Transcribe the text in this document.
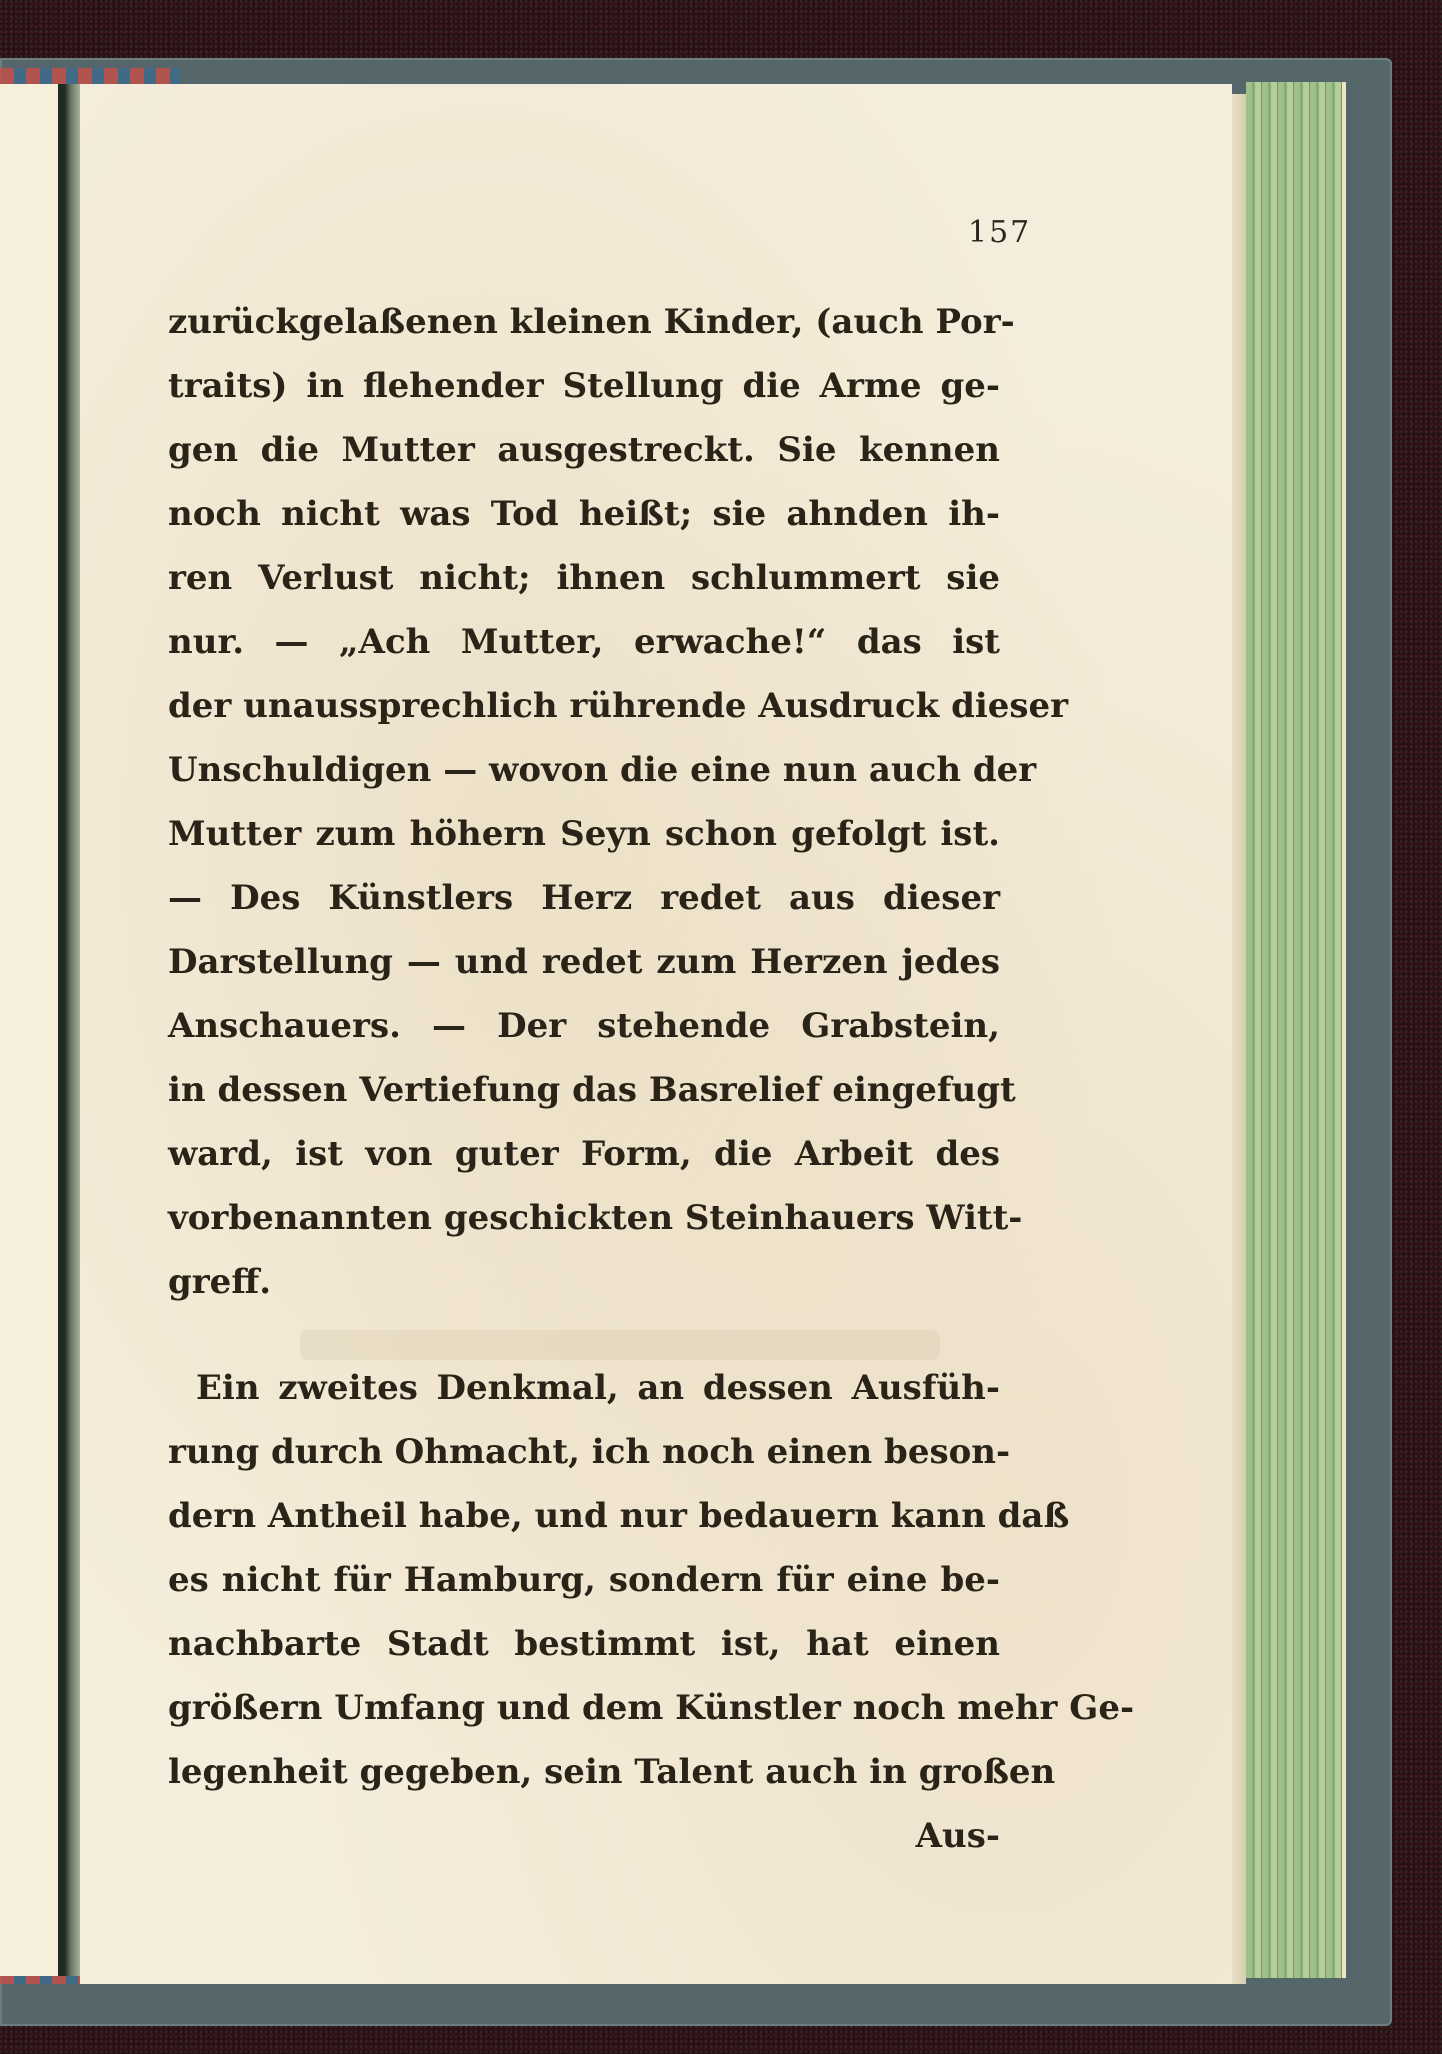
157
zurückgelaßenen kleinen Kinder, (auch Por-
traits) in flehender Stellung die Arme ge-
gen die Mutter ausgestreckt. Sie kennen
noch nicht was Tod heißt; sie ahnden ih-
ren Verlust nicht; ihnen schlummert sie
nur. — „Ach Mutter, erwache!“ das ist
der unaussprechlich rührende Ausdruck dieser
Unschuldigen — wovon die eine nun auch der
Mutter zum höhern Seyn schon gefolgt ist.
— Des Künstlers Herz redet aus dieser
Darstellung — und redet zum Herzen jedes
Anschauers. — Der stehende Grabstein,
in dessen Vertiefung das Basrelief eingefugt
ward, ist von guter Form, die Arbeit des
vorbenannten geschickten Steinhauers Witt-
greff.
Ein zweites Denkmal, an dessen Ausfüh-
rung durch Ohmacht, ich noch einen beson-
dern Antheil habe, und nur bedauern kann daß
es nicht für Hamburg, sondern für eine be-
nachbarte Stadt bestimmt ist, hat einen
größern Umfang und dem Künstler noch mehr Ge-
legenheit gegeben, sein Talent auch in großen
Aus-
